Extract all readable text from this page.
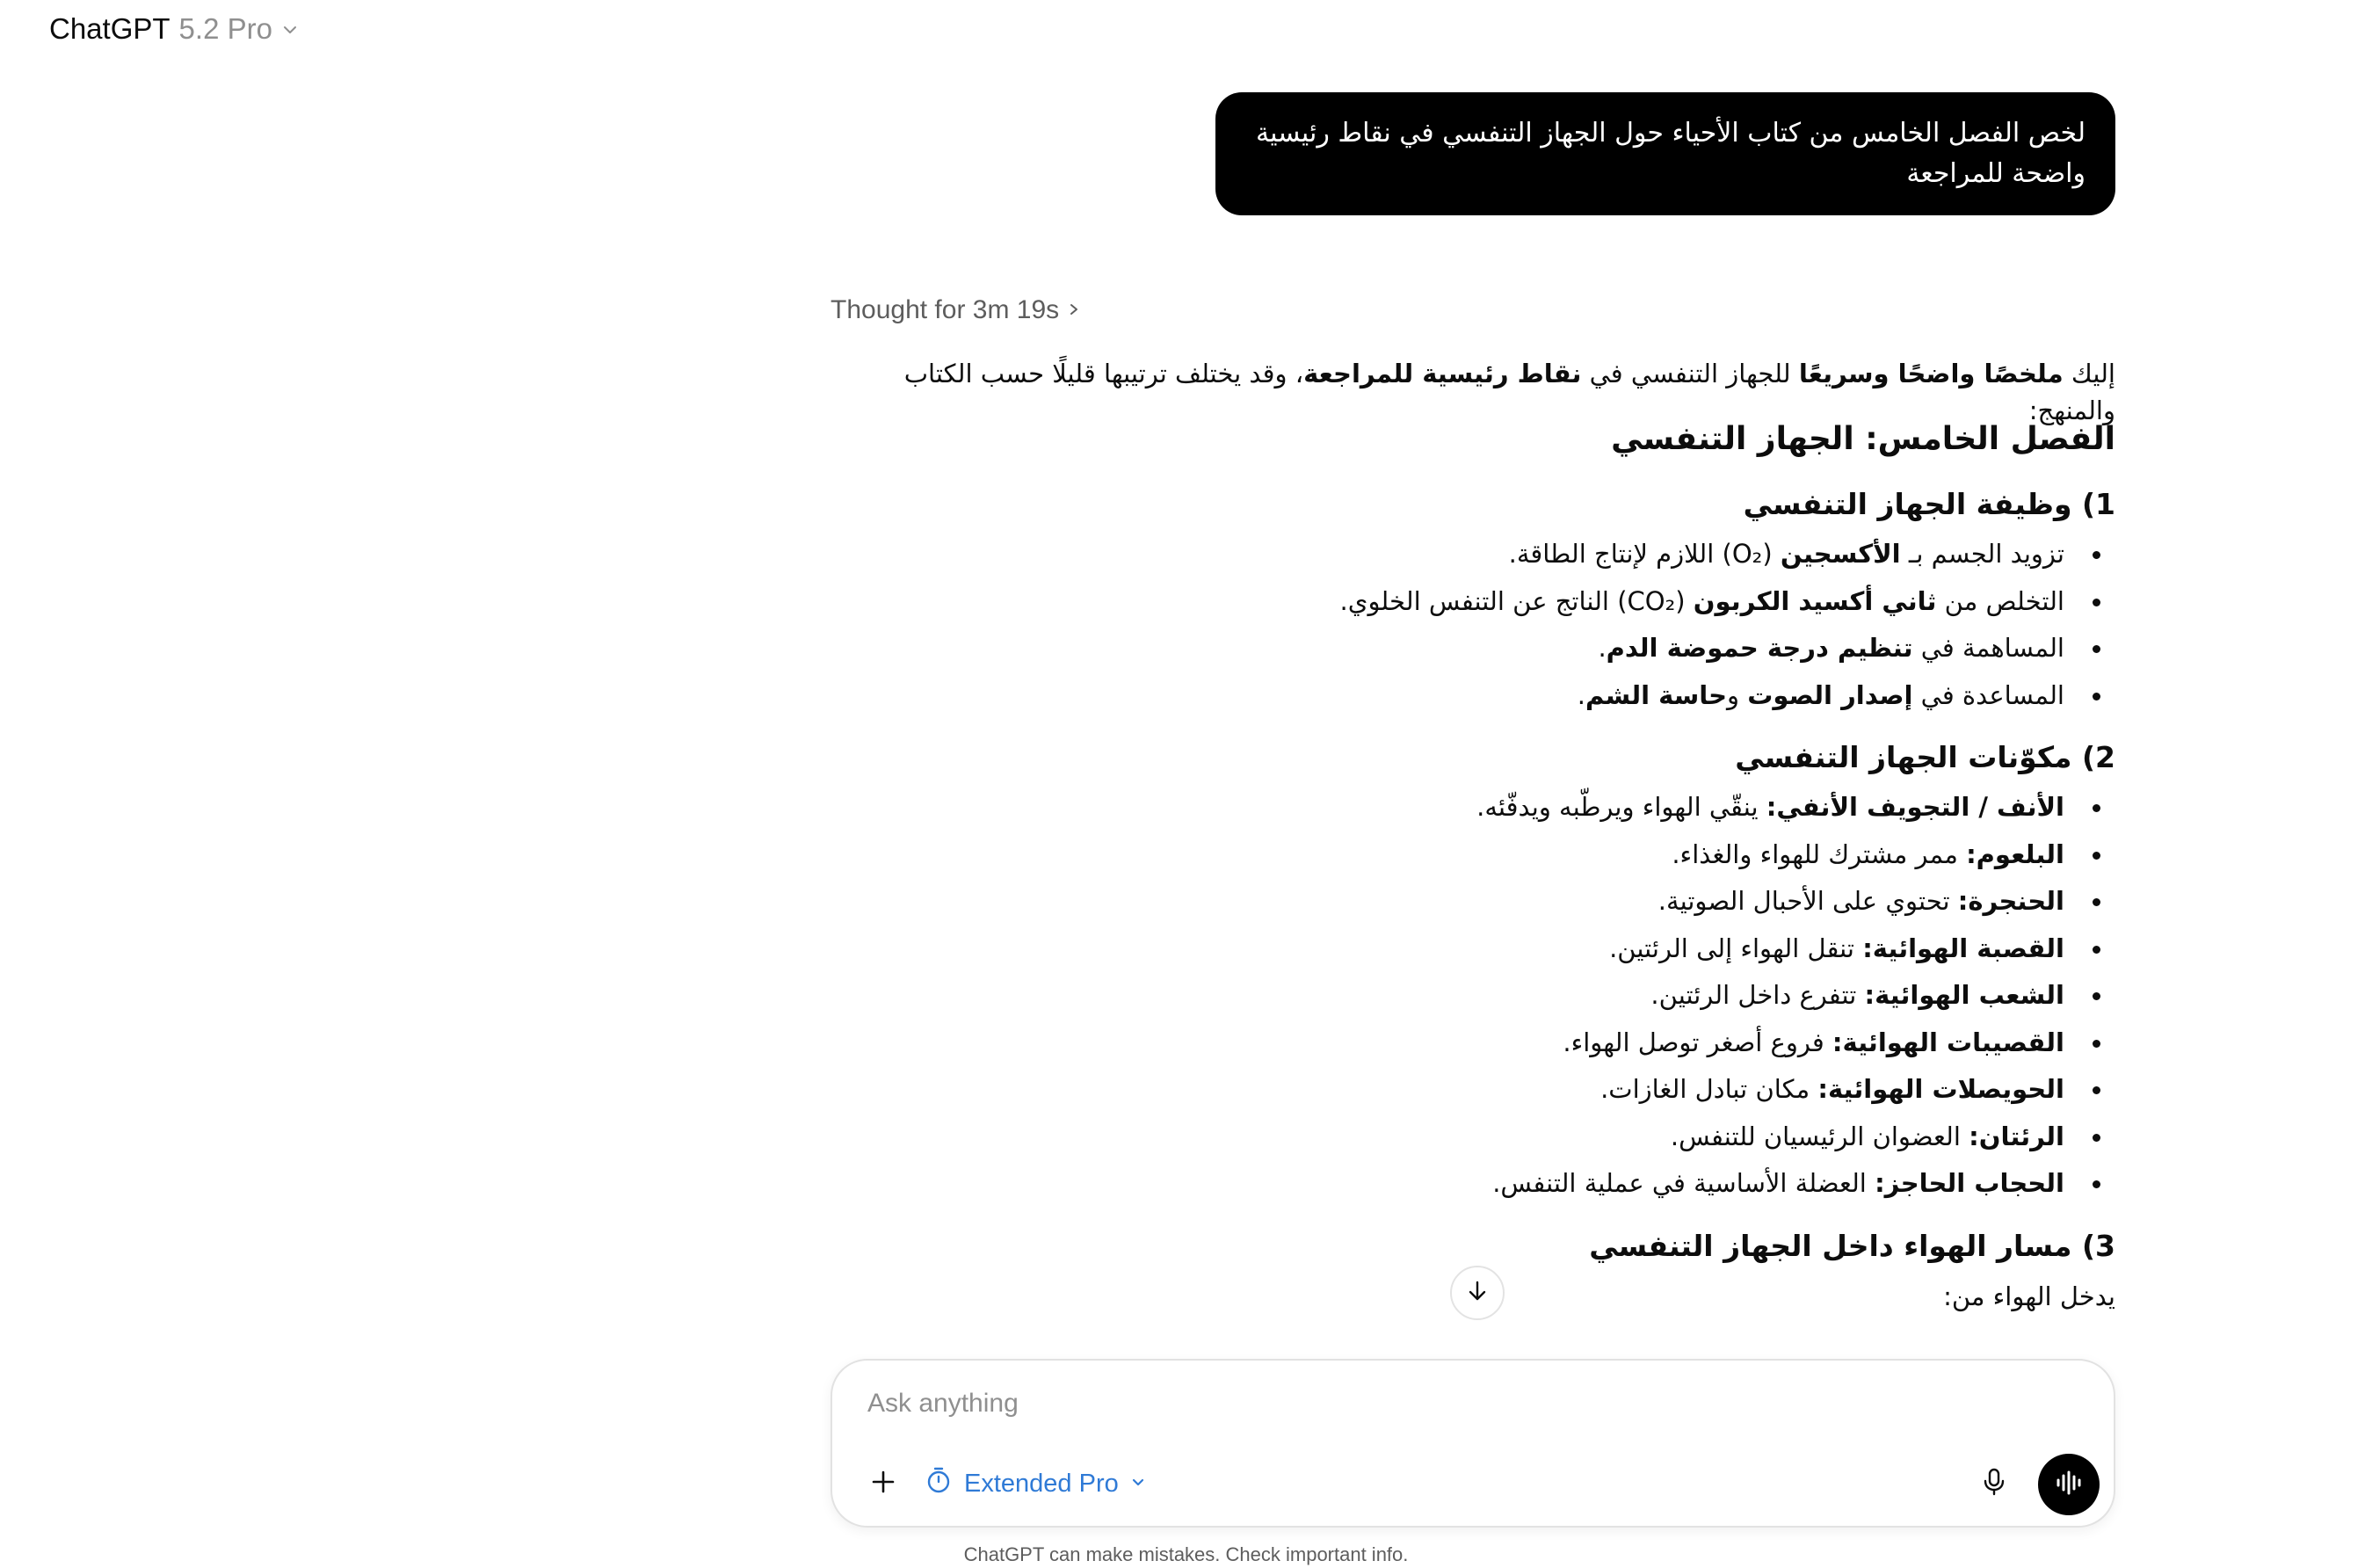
ChatGPT 5.2 Pro
لخص الفصل الخامس من كتاب الأحياء حول الجهاز التنفسي في نقاط رئيسية واضحة للمراجعة
Thought for 3m 19s

إليك ملخصًا واضحًا وسريعًا للجهاز التنفسي في نقاط رئيسية للمراجعة، وقد يختلف ترتيبها قليلًا حسب الكتاب والمنهج:

الفصل الخامس: الجهاز التنفسي
1) وظيفة الجهاز التنفسي
تزويد الجسم بـ الأكسجين (O₂) اللازم لإنتاج الطاقة.
التخلص من ثاني أكسيد الكربون (CO₂) الناتج عن التنفس الخلوي.
المساهمة في تنظيم درجة حموضة الدم.
المساعدة في إصدار الصوت وحاسة الشم.
2) مكوّنات الجهاز التنفسي
الأنف / التجويف الأنفي: ينقّي الهواء ويرطّبه ويدفّئه.
البلعوم: ممر مشترك للهواء والغذاء.
الحنجرة: تحتوي على الأحبال الصوتية.
القصبة الهوائية: تنقل الهواء إلى الرئتين.
الشعب الهوائية: تتفرع داخل الرئتين.
القصيبات الهوائية: فروع أصغر توصل الهواء.
الحويصلات الهوائية: مكان تبادل الغازات.
الرئتان: العضوان الرئيسيان للتنفس.
الحجاب الحاجز: العضلة الأساسية في عملية التنفس.
3) مسار الهواء داخل الجهاز التنفسي

يدخل الهواء من:

Ask anything
Extended Pro
ChatGPT can make mistakes. Check important info.
